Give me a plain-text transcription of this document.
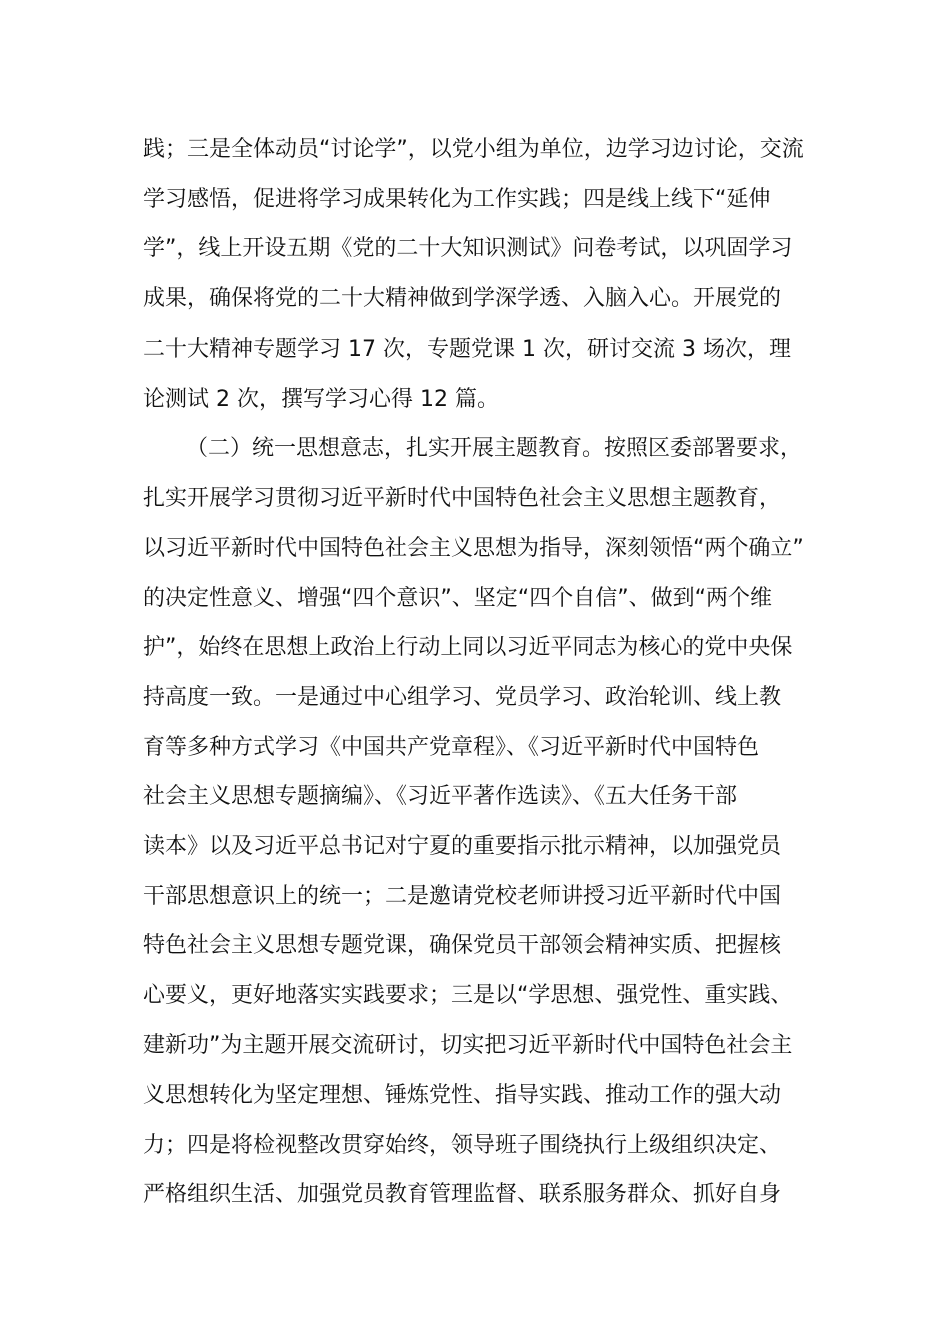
践；三是全体动员“讨论学”，以党小组为单位，边学习边讨论，交流
学习感悟，促进将学习成果转化为工作实践；四是线上线下“延伸
学”，线上开设五期《党的二十大知识测试》问卷考试，以巩固学习
成果，确保将党的二十大精神做到学深学透、入脑入心。开展党的
二十大精神专题学习 17 次，专题党课 1 次，研讨交流 3 场次，理
论测试 2 次，撰写学习心得 12 篇。
（二）统一思想意志，扎实开展主题教育。按照区委部署要求，
扎实开展学习贯彻习近平新时代中国特色社会主义思想主题教育，
以习近平新时代中国特色社会主义思想为指导，深刻领悟“两个确立”
的决定性意义、增强“四个意识”、坚定“四个自信”、做到“两个维
护”，始终在思想上政治上行动上同以习近平同志为核心的党中央保
持高度一致。一是通过中心组学习、党员学习、政治轮训、线上教
育等多种方式学习《中国共产党章程》、《习近平新时代中国特色
社会主义思想专题摘编》、《习近平著作选读》、《五大任务干部
读本》以及习近平总书记对宁夏的重要指示批示精神，以加强党员
干部思想意识上的统一；二是邀请党校老师讲授习近平新时代中国
特色社会主义思想专题党课，确保党员干部领会精神实质、把握核
心要义，更好地落实实践要求；三是以“学思想、强党性、重实践、
建新功”为主题开展交流研讨，切实把习近平新时代中国特色社会主
义思想转化为坚定理想、锤炼党性、指导实践、推动工作的强大动
力；四是将检视整改贯穿始终，领导班子围绕执行上级组织决定、
严格组织生活、加强党员教育管理监督、联系服务群众、抓好自身
